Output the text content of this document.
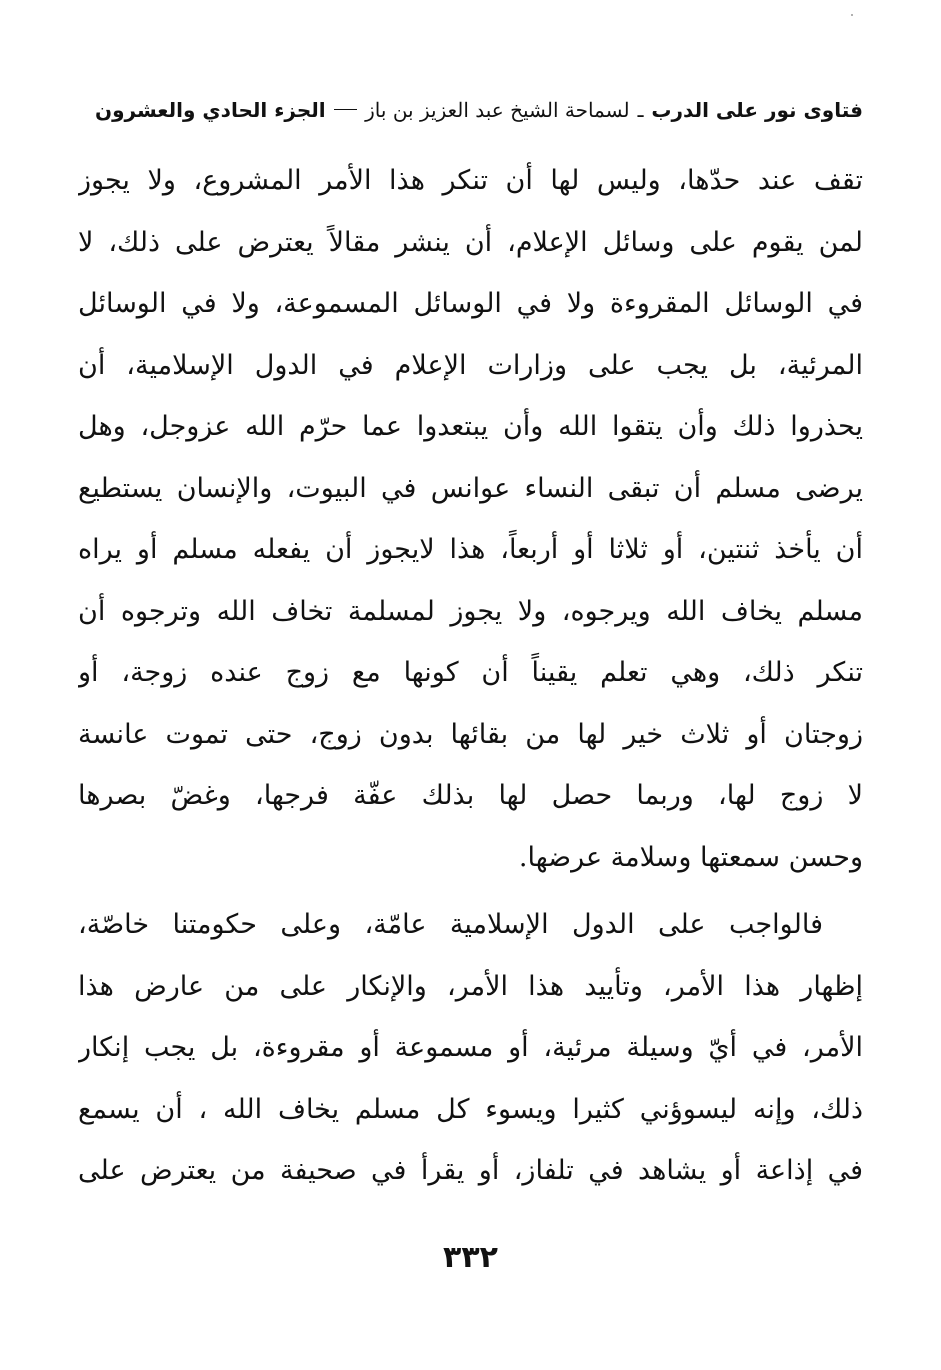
فتاوى نور على الدرب
ـ
لسماحة الشيخ عبد العزيز بن باز
الجزء الحادي والعشرون
تقف عند حدّها، وليس لها أن تنكر هذا الأمر المشروع، ولا يجوز
لمن يقوم على وسائل الإعلام، أن ينشر مقالاً يعترض على ذلك، لا
في الوسائل المقروءة ولا في الوسائل المسموعة، ولا في الوسائل
المرئية، بل يجب على وزارات الإعلام في الدول الإسلامية، أن
يحذروا ذلك وأن يتقوا الله وأن يبتعدوا عما حرّم الله عزوجل، وهل
يرضى مسلم أن تبقى النساء عوانس في البيوت، والإنسان يستطيع
أن يأخذ ثنتين، أو ثلاثا أو أربعاً، هذا لايجوز أن يفعله مسلم أو يراه
مسلم يخاف الله ويرجوه، ولا يجوز لمسلمة تخاف الله وترجوه أن
تنكر ذلك، وهي تعلم يقيناً أن كونها مع زوج عنده زوجة، أو
زوجتان أو ثلاث خير لها من بقائها بدون زوج، حتى تموت عانسة
لا زوج لها، وربما حصل لها بذلك عفّة فرجها، وغضّ بصرها
وحسن سمعتها وسلامة عرضها.
فالواجب على الدول الإسلامية عامّة، وعلى حكومتنا خاصّة،
إظهار هذا الأمر، وتأييد هذا الأمر، والإنكار على من عارض هذا
الأمر، في أيّ وسيلة مرئية، أو مسموعة أو مقروءة، بل يجب إنكار
ذلك، وإنه ليسوؤني كثيرا ويسوء كل مسلم يخاف الله ، أن يسمع
في إذاعة أو يشاهد في تلفاز، أو يقرأ في صحيفة من يعترض على
٣٣٢
